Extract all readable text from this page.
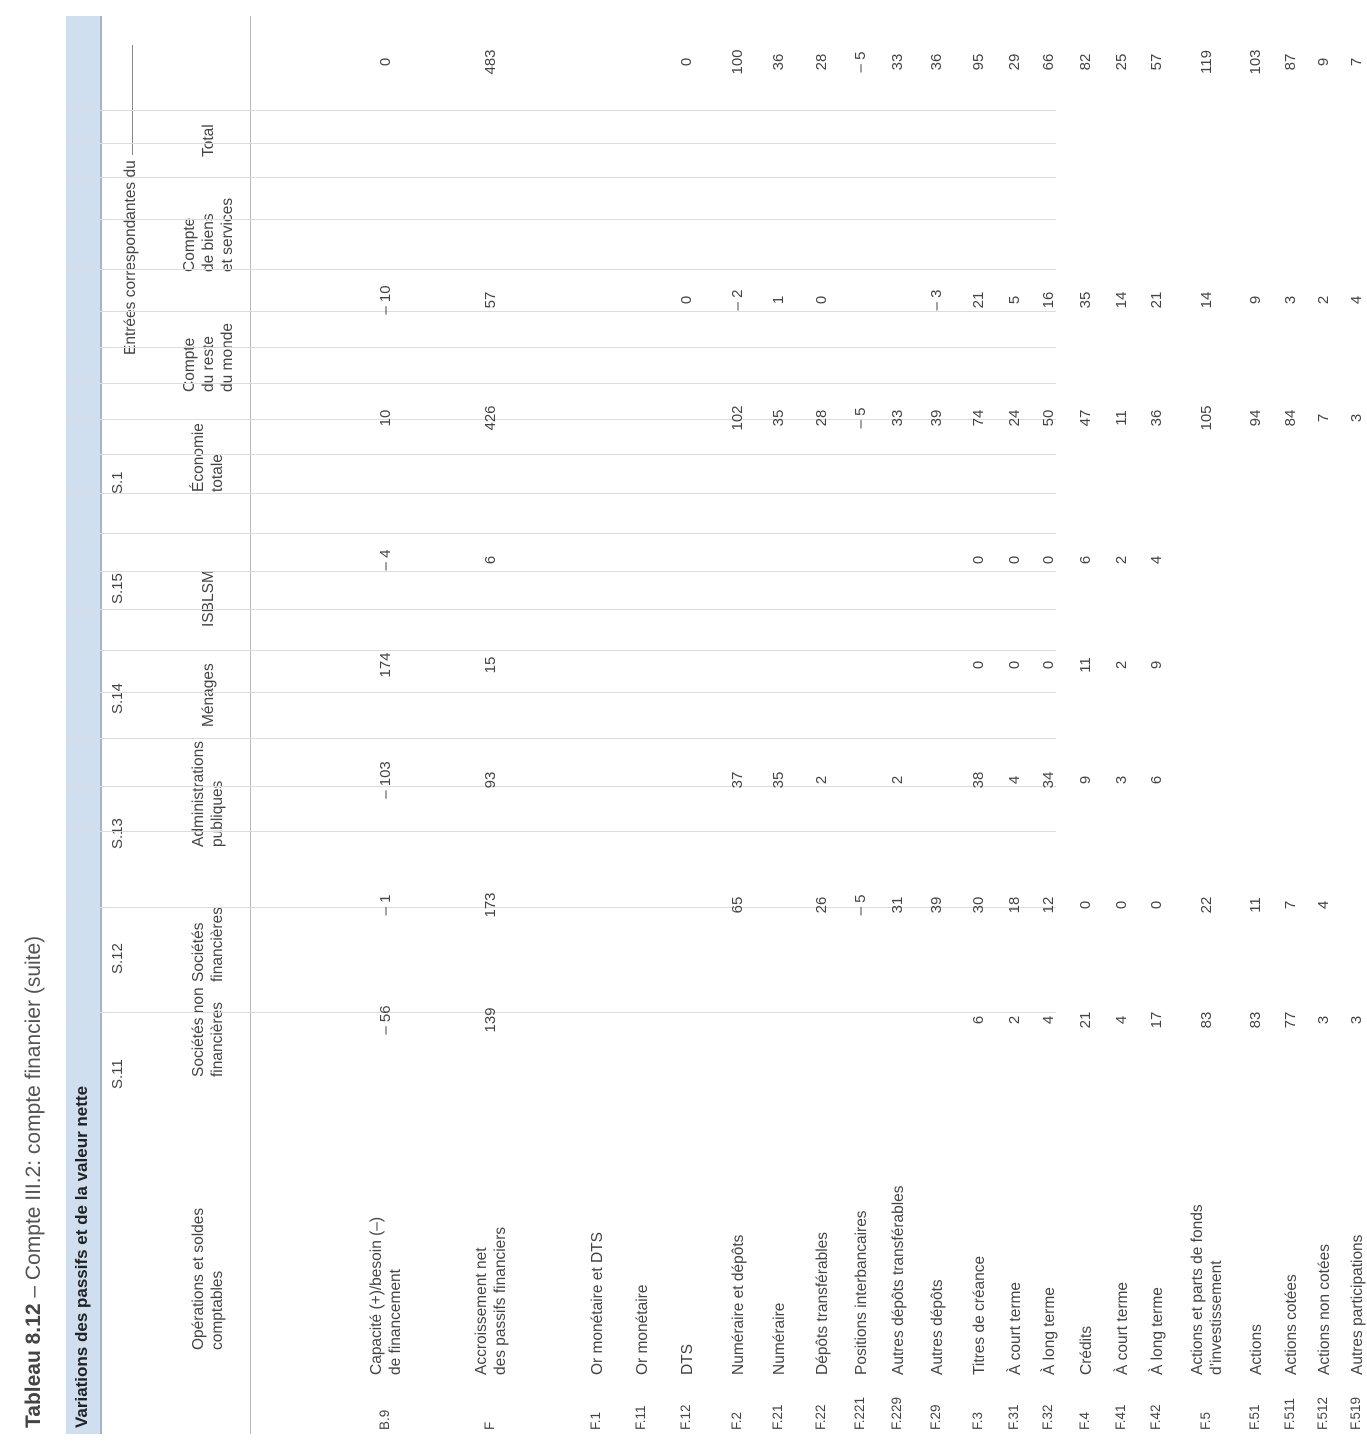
Tableau 8.12 – Compte III.2: compte financier (suite) Variations des passifs et de la valeur nette
S.11
S.12
S.13
S.14
S.15
S.1
Sociétés non financières
Sociétés financières
Administrations publiques
Ménages
ISBLSM
Économie totale
Compte du reste du monde
Compte de biens et services
Total
Entrées correspondantes du
Opérations et soldes comptables
B.9
Capacité (+)/besoin (–) de financement
F
Accroissement net des passifs financiers
F.1
Or monétaire et DTS
F.11
Or monétaire
F.12
DTS
F.2
Numéraire et dépôts
F.21
Numéraire
F.22
Dépôts transférables
F.221
Positions interbancaires
F.229
Autres dépôts transférables
F.29
Autres dépôts
F.3
Titres de créance
F.31
À court terme
F.32
À long terme
F.4
Crédits
F.41
À court terme
F.42
À long terme
F.5
Actions et parts de fonds d’investissement
F.51
Actions
F.511
Actions cotées
F.512
Actions non cotées
F.519
Autres participations
– 56
– 1
– 103
174
– 4
10
– 10
0
139
173
93
15
6
426
57
483
0
0
65
37
102
– 2
100
35
35
1
36
26
2
28
0
28
– 5
– 5
– 5
31
2
33
33
39
39
– 3
36
6
30
38
0
0
74
21
95
2
18
4
0
0
24
5
29
4
12
34
0
0
50
16
66
21
0
9
11
6
47
35
82
4
0
3
2
2
11
14
25
17
0
6
9
4
36
21
57
83
22
105
14
119
83
11
94
9
103
77
7
84
3
87
3
4
7
2
9
3
3
4
7
